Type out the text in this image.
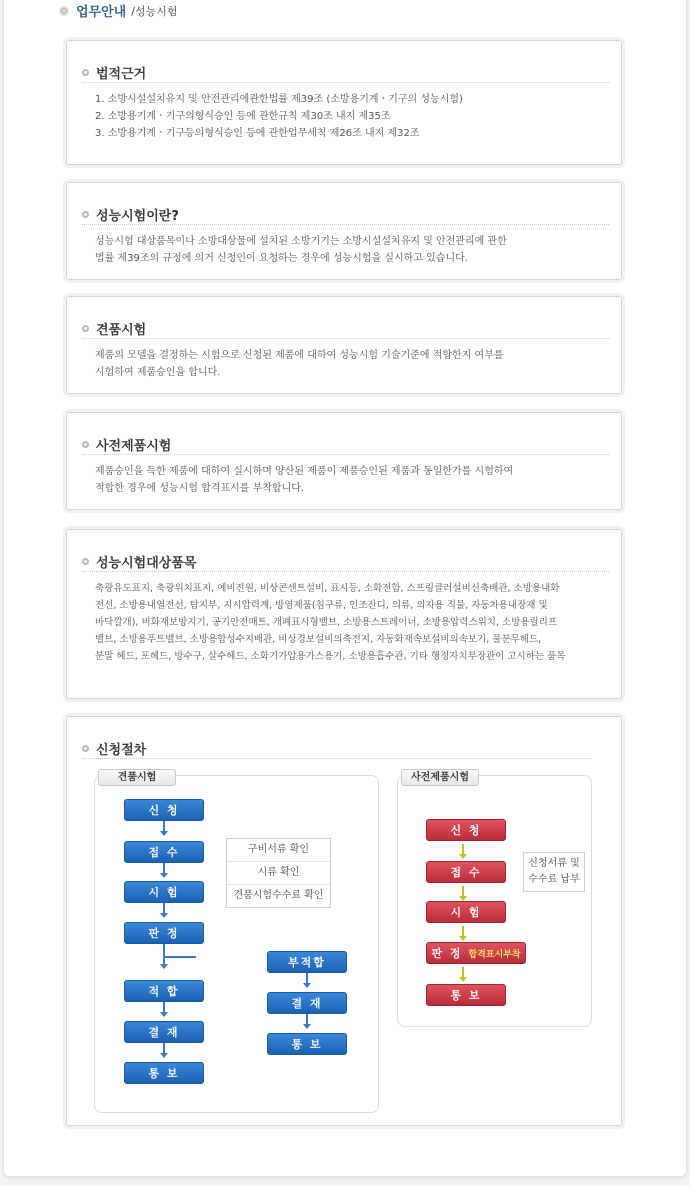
업무안내 /성능시험
법적근거
1. 소방시설설치유지 및 안전관리에관한법률 제39조 (소방용기계ㆍ기구의 성능시험)
2. 소방용기계ㆍ기구의형식승인 등에 관한규칙 제30조 내지 제35조
3. 소방용기계ㆍ기구등의형식승인 등에 관한업무세칙 제26조 내지 제32조
성능시험이란?

성능시험 대상품목이나 소방대상물에 설치된 소방기기는 소방시설설치유지 및 안전관리에 관한

법률 제39조의 규정에 의거 신청인이 요청하는 경우에 성능시험을 실시하고 있습니다.

견품시험

제품의 모델을 결정하는 시험으로 신청된 제품에 대하여 성능시험 기술기준에 적합한지 여부를

시험하여 제품승인을 합니다.

사전제품시험

제품승인을 득한 제품에 대하여 실시하며 양산된 제품이 제품승인된 제품과 동일한가를 시험하여

적합한 경우에 성능시험 합격표시를 부착합니다.

성능시험대상품목

축광유도표지, 축광위치표지, 예비전원, 비상콘센트설비, 표시등, 소화전함, 스프링클러설비신축배관, 소방용내화

전선, 소방용내열전선, 탐지부, 지시압력계, 방염제품(침구류, 인조잔디, 의류, 의자용 직물, 자동차용내장재 및

바닥깔개), 비화재보방지기, 공기안전매트, 개폐표시형밸브, 소방용스트레이너, 소방용압력스위치, 소방용릴리프

밸브, 소방용푸트밸브, 소방용합성수지배관, 비상경보설비의축전지, 자동화재속보설비의속보기, 물분무헤드,

분말 헤드, 포헤드, 방수구, 살수헤드, 소화기가압용가스용기, 소방용흡수관, 기타 행정자치부장관이 고시하는 품목

신청절차
견품시험
신 청
접 수
시 험
판 정
적 합
결 재
통 보
구비서류 확인
시류 확인
견품시험수수료 확인
부적합
결 재
통 보
사전제품시험
신 청
접 수
시 험
판 정 합격표시부착
통 보
신청서류 및
수수료 납부
